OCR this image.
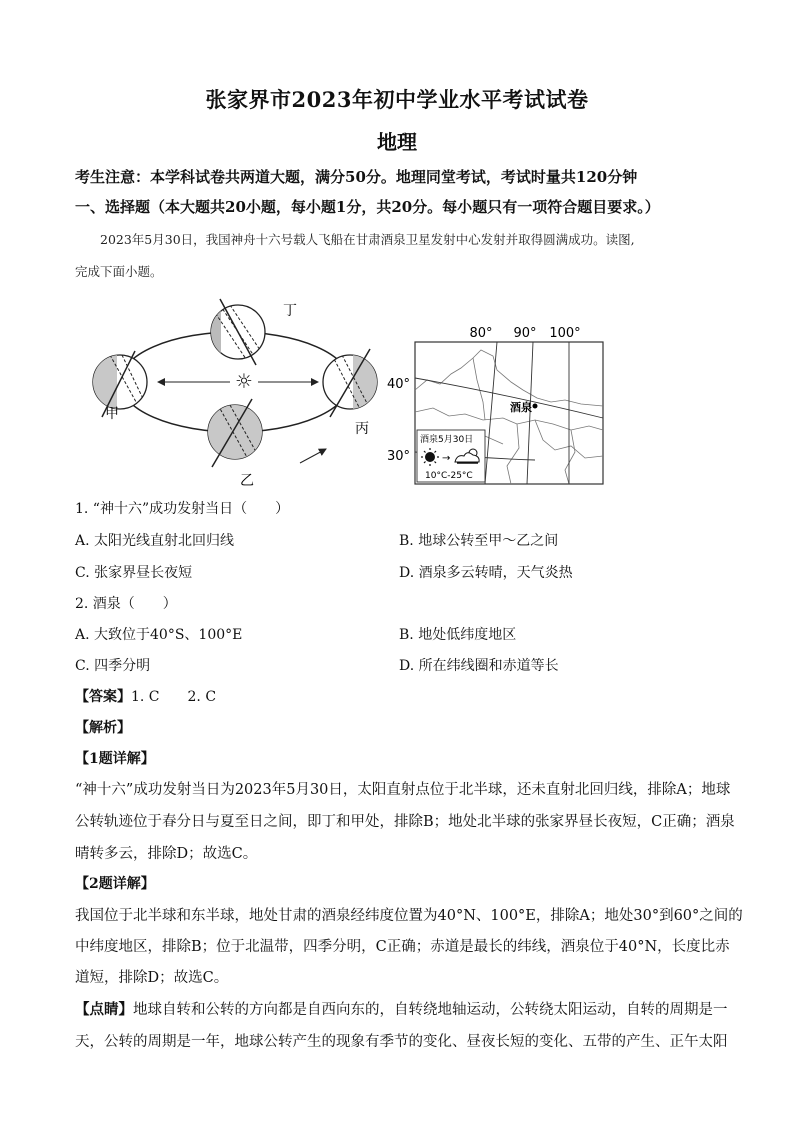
张家界市2023年初中学业水平考试试卷
地理
考生注意：本学科试卷共两道大题，满分50分。地理同堂考试，考试时量共120分钟
一、选择题（本大题共20小题，每小题1分，共20分。每小题只有一项符合题目要求。）
2023年5月30日，我国神舟十六号载人飞船在甘肃酒泉卫星发射中心发射并取得圆满成功。读图,
完成下面小题。
☼
丁
甲
丙
乙
80° 90° 100°
40°
30°
酒泉
酒泉5月30日
→
10°C-25°C
1. “神十六”成功发射当日（　　）
A. 太阳光线直射北回归线	B. 地球公转至甲～乙之间
C. 张家界昼长夜短	D. 酒泉多云转晴，天气炎热
2. 酒泉（　　）
A. 大致位于40°S、100°E	B. 地处低纬度地区
C. 四季分明	D. 所在纬线圈和赤道等长
【答案】1. C　　2. C
【解析】
【1题详解】
“神十六”成功发射当日为2023年5月30日，太阳直射点位于北半球，还未直射北回归线，排除A；地球
公转轨迹位于春分日与夏至日之间，即丁和甲处，排除B；地处北半球的张家界昼长夜短，C正确；酒泉
晴转多云，排除D；故选C。
【2题详解】
我国位于北半球和东半球，地处甘肃的酒泉经纬度位置为40°N、100°E，排除A；地处30°到60°之间的
中纬度地区，排除B；位于北温带，四季分明，C正确；赤道是最长的纬线，酒泉位于40°N，长度比赤
道短，排除D；故选C。
【点睛】地球自转和公转的方向都是自西向东的，自转绕地轴运动，公转绕太阳运动，自转的周期是一
天，公转的周期是一年，地球公转产生的现象有季节的变化、昼夜长短的变化、五带的产生、正午太阳
